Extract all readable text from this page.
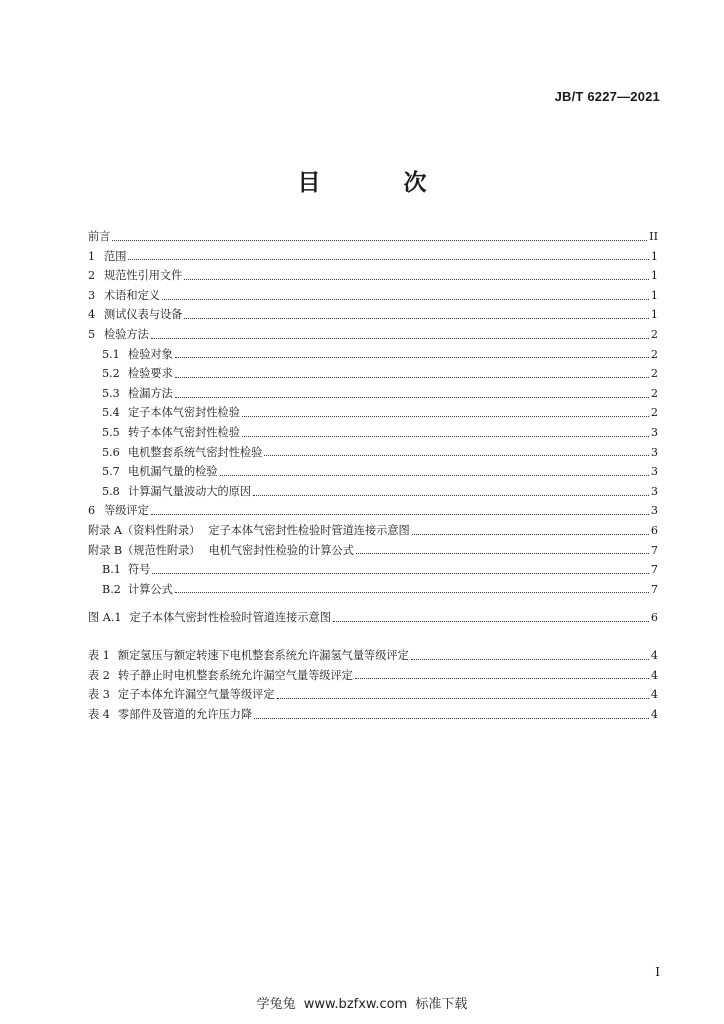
JB/T 6227—2021
目　次
前言	II
1 范围	1
2 规范性引用文件	1
3 术语和定义	1
4 测试仪表与设备	1
5 检验方法	2
5.1 检验对象	2
5.2 检验要求	2
5.3 检漏方法	2
5.4 定子本体气密封性检验	2
5.5 转子本体气密封性检验	3
5.6 电机整套系统气密封性检验	3
5.7 电机漏气量的检验	3
5.8 计算漏气量波动大的原因	3
6 等级评定	3
附录 A（资料性附录） 定子本体气密封性检验时管道连接示意图	6
附录 B（规范性附录） 电机气密封性检验的计算公式	7
B.1 符号	7
B.2 计算公式	7
图 A.1 定子本体气密封性检验时管道连接示意图	6
表 1 额定氢压与额定转速下电机整套系统允许漏氢气量等级评定	4
表 2 转子静止时电机整套系统允许漏空气量等级评定	4
表 3 定子本体允许漏空气量等级评定	4
表 4 零部件及管道的允许压力降	4
I
学兔兔 www.bzfxw.com 标准下载
